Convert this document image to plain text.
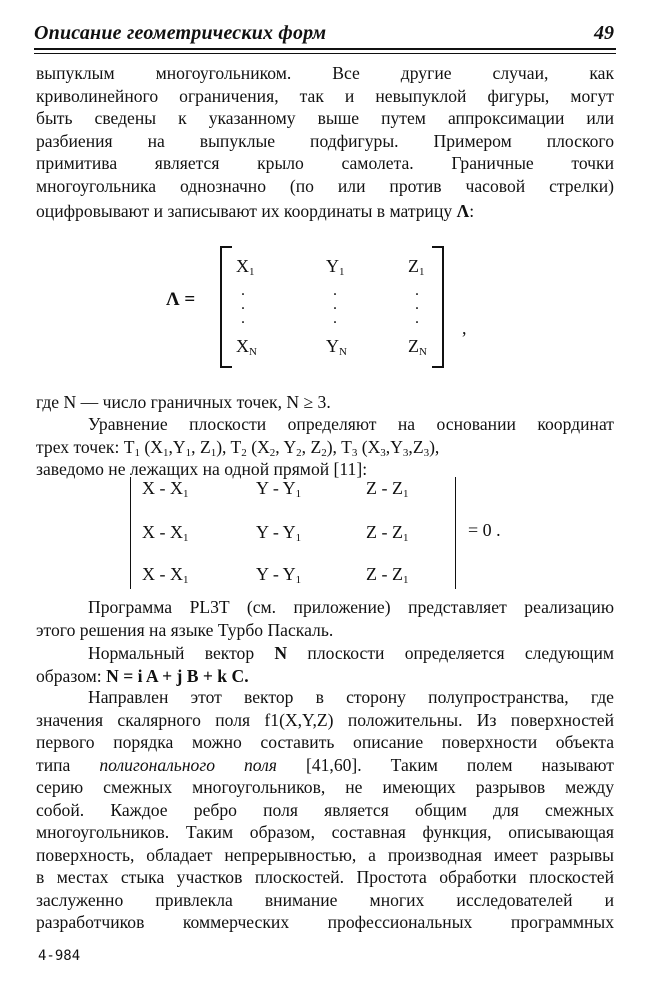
Описание геометрических форм	49
выпуклым многоугольником. Все другие случаи, как
криволинейного ограничения, так и невыпуклой фигуры, могут
быть сведены к указанному выше путем аппроксимации или
разбиения на выпуклые подфигуры. Примером плоского
примитива является крыло самолета. Граничные точки
многоугольника однозначно (по или против часовой стрелки)
оцифровывают и записывают их координаты в матрицу Λ:
Λ =
$X_1$	$Y_1$	$Z_1$
.
.
.
.
.
.
.
.
.
$X_N$	$Y_N$	$Z_N$
,
где N — число граничных точек, N ≥ 3.
Уравнение плоскости определяют на основании координат
трех точек: $T_1$ ($X_1,Y_1$, $Z_1$), $T_2$ ($X_2$, $Y_2$, $Z_2$), $T_3$ $(X_3,Y_3,Z_3)$,
заведомо не лежащих на одной прямой [11]:
X - $X_1$	Y - $Y_1$	Z - $Z_1$
X - $X_1$	Y - $Y_1$	Z - $Z_1$
X - $X_1$	Y - $Y_1$	Z - $Z_1$
= 0 .
Программа PL3T (см. приложение) представляет реализацию
этого решения на языке Турбо Паскаль.
Нормальный вектор N плоскости определяется следующим
образом: N = i A + j B + k C.
Направлен этот вектор в сторону полупространства, где
значения скалярного поля f1(X,Y,Z) положительны. Из поверхностей
первого порядка можно составить описание поверхности объекта
типа полигонального поля [41,60]. Таким полем называют
серию смежных многоугольников, не имеющих разрывов между
собой. Каждое ребро поля является общим для смежных
многоугольников. Таким образом, составная функция, описывающая
поверхность, обладает непрерывностью, а производная имеет разрывы
в местах стыка участков плоскостей. Простота обработки плоскостей
заслуженно привлекла внимание многих исследователей и
разработчиков коммерческих профессиональных программных
4-984
